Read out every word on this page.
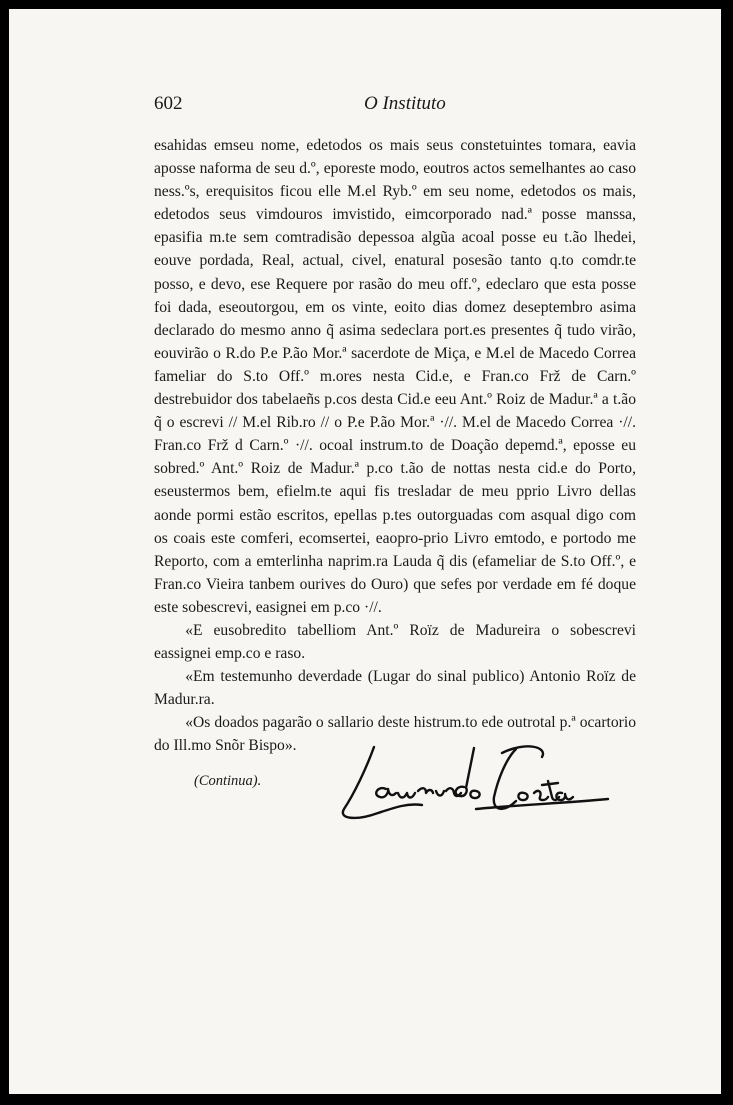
602	O Instituto

esahidas emseu nome, edetodos os mais seus constetuintes tomara, eavia aposse naforma de seu d.º, eporeste modo, eoutros actos semelhantes ao caso ness.ºs, erequisitos ficou elle M.el Ryb.º em seu nome, edetodos os mais, edetodos seus vimdouros imvistido, eimcorporado nad.ª posse manssa, epasifia m.te sem comtradisão depessoa algũa acoal posse eu t.ão lhedei, eouve pordada, Real, actual, civel, enatural posesão tanto q.to comdr.te posso, e devo, ese Requere por rasão do meu off.º, edeclaro que esta posse foi dada, eseoutorgou, em os vinte, eoito dias domez deseptembro asima declarado do mesmo anno q̃ asima sedeclara port.es presentes q̃ tudo virão, eouvirão o R.do P.e P.ão Mor.ª sacerdote de Miça, e M.el de Macedo Correa fameliar do S.to Off.º m.ores nesta Cid.e, e Fran.co Frž de Carn.º destrebuidor dos tabelaeñs p.cos desta Cid.e eeu Ant.º Roiz de Madur.ª a t.ão q̃ o escrevi // M.el Rib.ro // o P.e P.ão Mor.ª ·//. M.el de Macedo Correa ·//. Fran.co Frž d Carn.º ·//. ocoal instrum.to de Doação depemd.ª, eposse eu sobred.º Ant.º Roiz de Madur.ª p.co t.ão de nottas nesta cid.e do Porto, eseustermos bem, efielm.te aqui fis tresladar de meu pprio Livro dellas aonde pormi estão escritos, epellas p.tes outorguadas com asqual digo com os coais este comferi, ecomsertei, eaopro-prio Livro emtodo, e portodo me Reporto, com a emterlinha naprim.ra Lauda q̃ dis (efameliar de S.to Off.º, e Fran.co Vieira tanbem ourives do Ouro) que sefes por verdade em fé doque este sobescrevi, easignei em p.co ·//.

«E eusobredito tabelliom Ant.º Roïz de Madureira o sobescrevi eassignei emp.co e raso.

«Em testemunho deverdade (Lugar do sinal publico) Antonio Roïz de Madur.ra.

«Os doados pagarão o sallario deste histrum.to ede outrotal p.ª ocartorio do Ill.mo Snõr Bispo».

(Continua).
